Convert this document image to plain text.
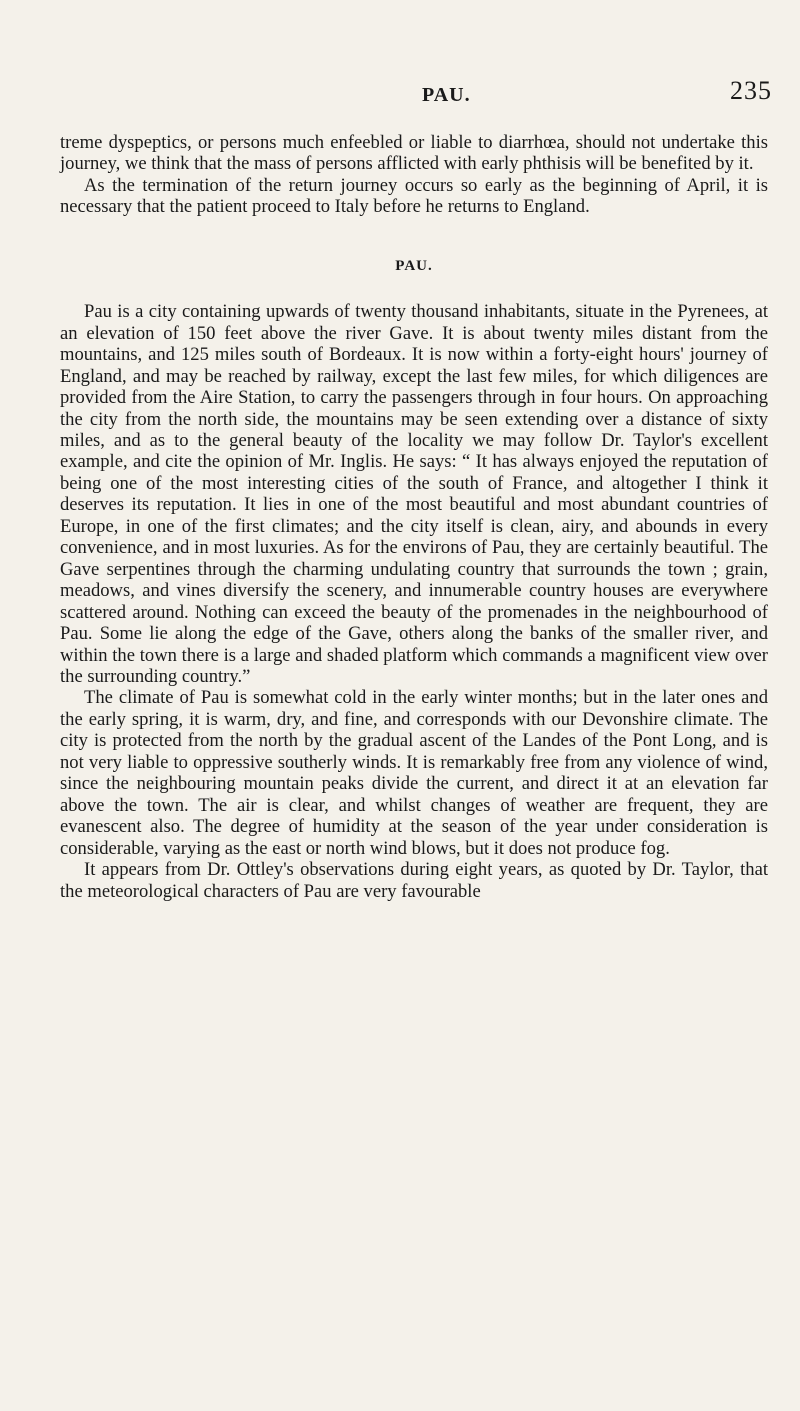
PAU.	235

treme dyspeptics, or persons much enfeebled or liable to diarrhœa, should not undertake this journey, we think that the mass of persons afflicted with early phthisis will be benefited by it.

As the termination of the return journey occurs so early as the beginning of April, it is necessary that the patient proceed to Italy before he returns to England.

PAU.

Pau is a city containing upwards of twenty thousand inhabitants, situate in the Pyrenees, at an elevation of 150 feet above the river Gave. It is about twenty miles distant from the mountains, and 125 miles south of Bordeaux. It is now within a forty-eight hours' journey of England, and may be reached by railway, except the last few miles, for which diligences are provided from the Aire Station, to carry the passengers through in four hours. On approaching the city from the north side, the mountains may be seen extending over a distance of sixty miles, and as to the general beauty of the locality we may follow Dr. Taylor's excellent example, and cite the opinion of Mr. Inglis. He says: “ It has always enjoyed the reputation of being one of the most interesting cities of the south of France, and altogether I think it deserves its reputation. It lies in one of the most beautiful and most abundant countries of Europe, in one of the first climates; and the city itself is clean, airy, and abounds in every convenience, and in most luxuries. As for the environs of Pau, they are certainly beautiful. The Gave serpentines through the charming undulating country that surrounds the town ; grain, meadows, and vines diversify the scenery, and innumerable country houses are everywhere scattered around. Nothing can exceed the beauty of the promenades in the neighbourhood of Pau. Some lie along the edge of the Gave, others along the banks of the smaller river, and within the town there is a large and shaded platform which commands a magnificent view over the surrounding country.”

The climate of Pau is somewhat cold in the early winter months; but in the later ones and the early spring, it is warm, dry, and fine, and corresponds with our Devonshire climate. The city is protected from the north by the gradual ascent of the Landes of the Pont Long, and is not very liable to oppressive southerly winds. It is remarkably free from any violence of wind, since the neighbouring mountain peaks divide the current, and direct it at an elevation far above the town. The air is clear, and whilst changes of weather are frequent, they are evanescent also. The degree of humidity at the season of the year under consideration is considerable, varying as the east or north wind blows, but it does not produce fog.

It appears from Dr. Ottley's observations during eight years, as quoted by Dr. Taylor, that the meteorological characters of Pau are very favourable
